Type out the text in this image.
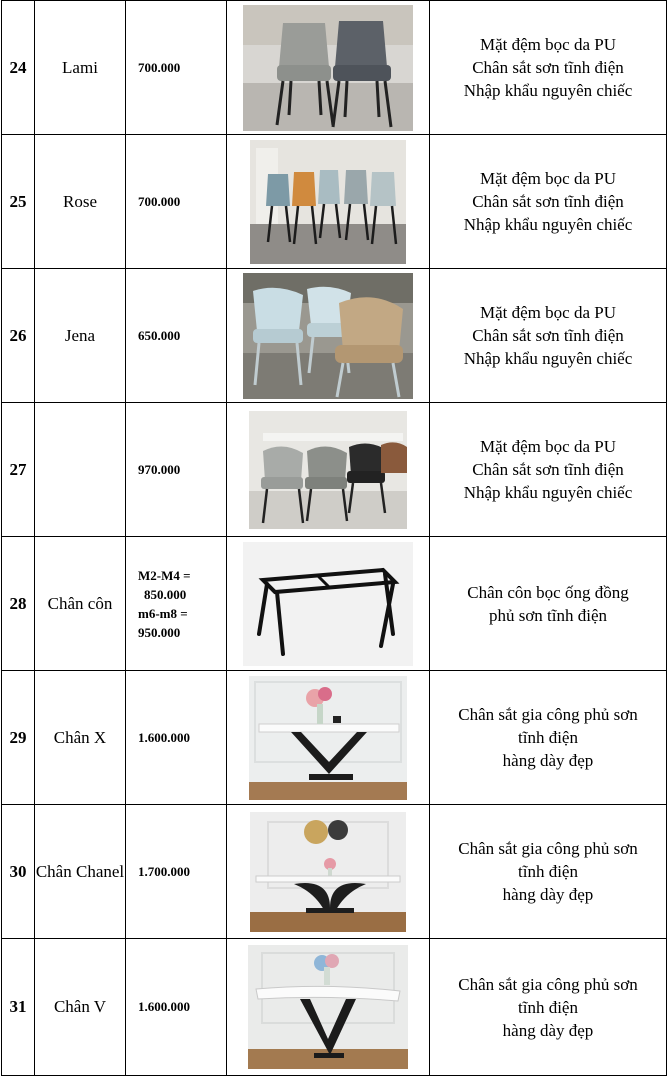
24	Lami	700.000		Mặt đệm bọc da PU
Chân sắt sơn tĩnh điện
Nhập khẩu nguyên chiếc

25	Rose	700.000		Mặt đệm bọc da PU
Chân sắt sơn tĩnh điện
Nhập khẩu nguyên chiếc

26	Jena	650.000		Mặt đệm bọc da PU
Chân sắt sơn tĩnh điện
Nhập khẩu nguyên chiếc

27		970.000		Mặt đệm bọc da PU
Chân sắt sơn tĩnh điện
Nhập khẩu nguyên chiếc

28	Chân côn	M2-M4 =
850.000
m6-m8 =
950.000		Chân côn bọc ống đồng
phủ sơn tĩnh điện

29	Chân X	1.600.000		Chân sắt gia công phủ sơn
tĩnh điện
hàng dày đẹp

30	Chân Chanel	1.700.000		Chân sắt gia công phủ sơn
tĩnh điện
hàng dày đẹp

31	Chân V	1.600.000		Chân sắt gia công phủ sơn
tĩnh điện
hàng dày đẹp
